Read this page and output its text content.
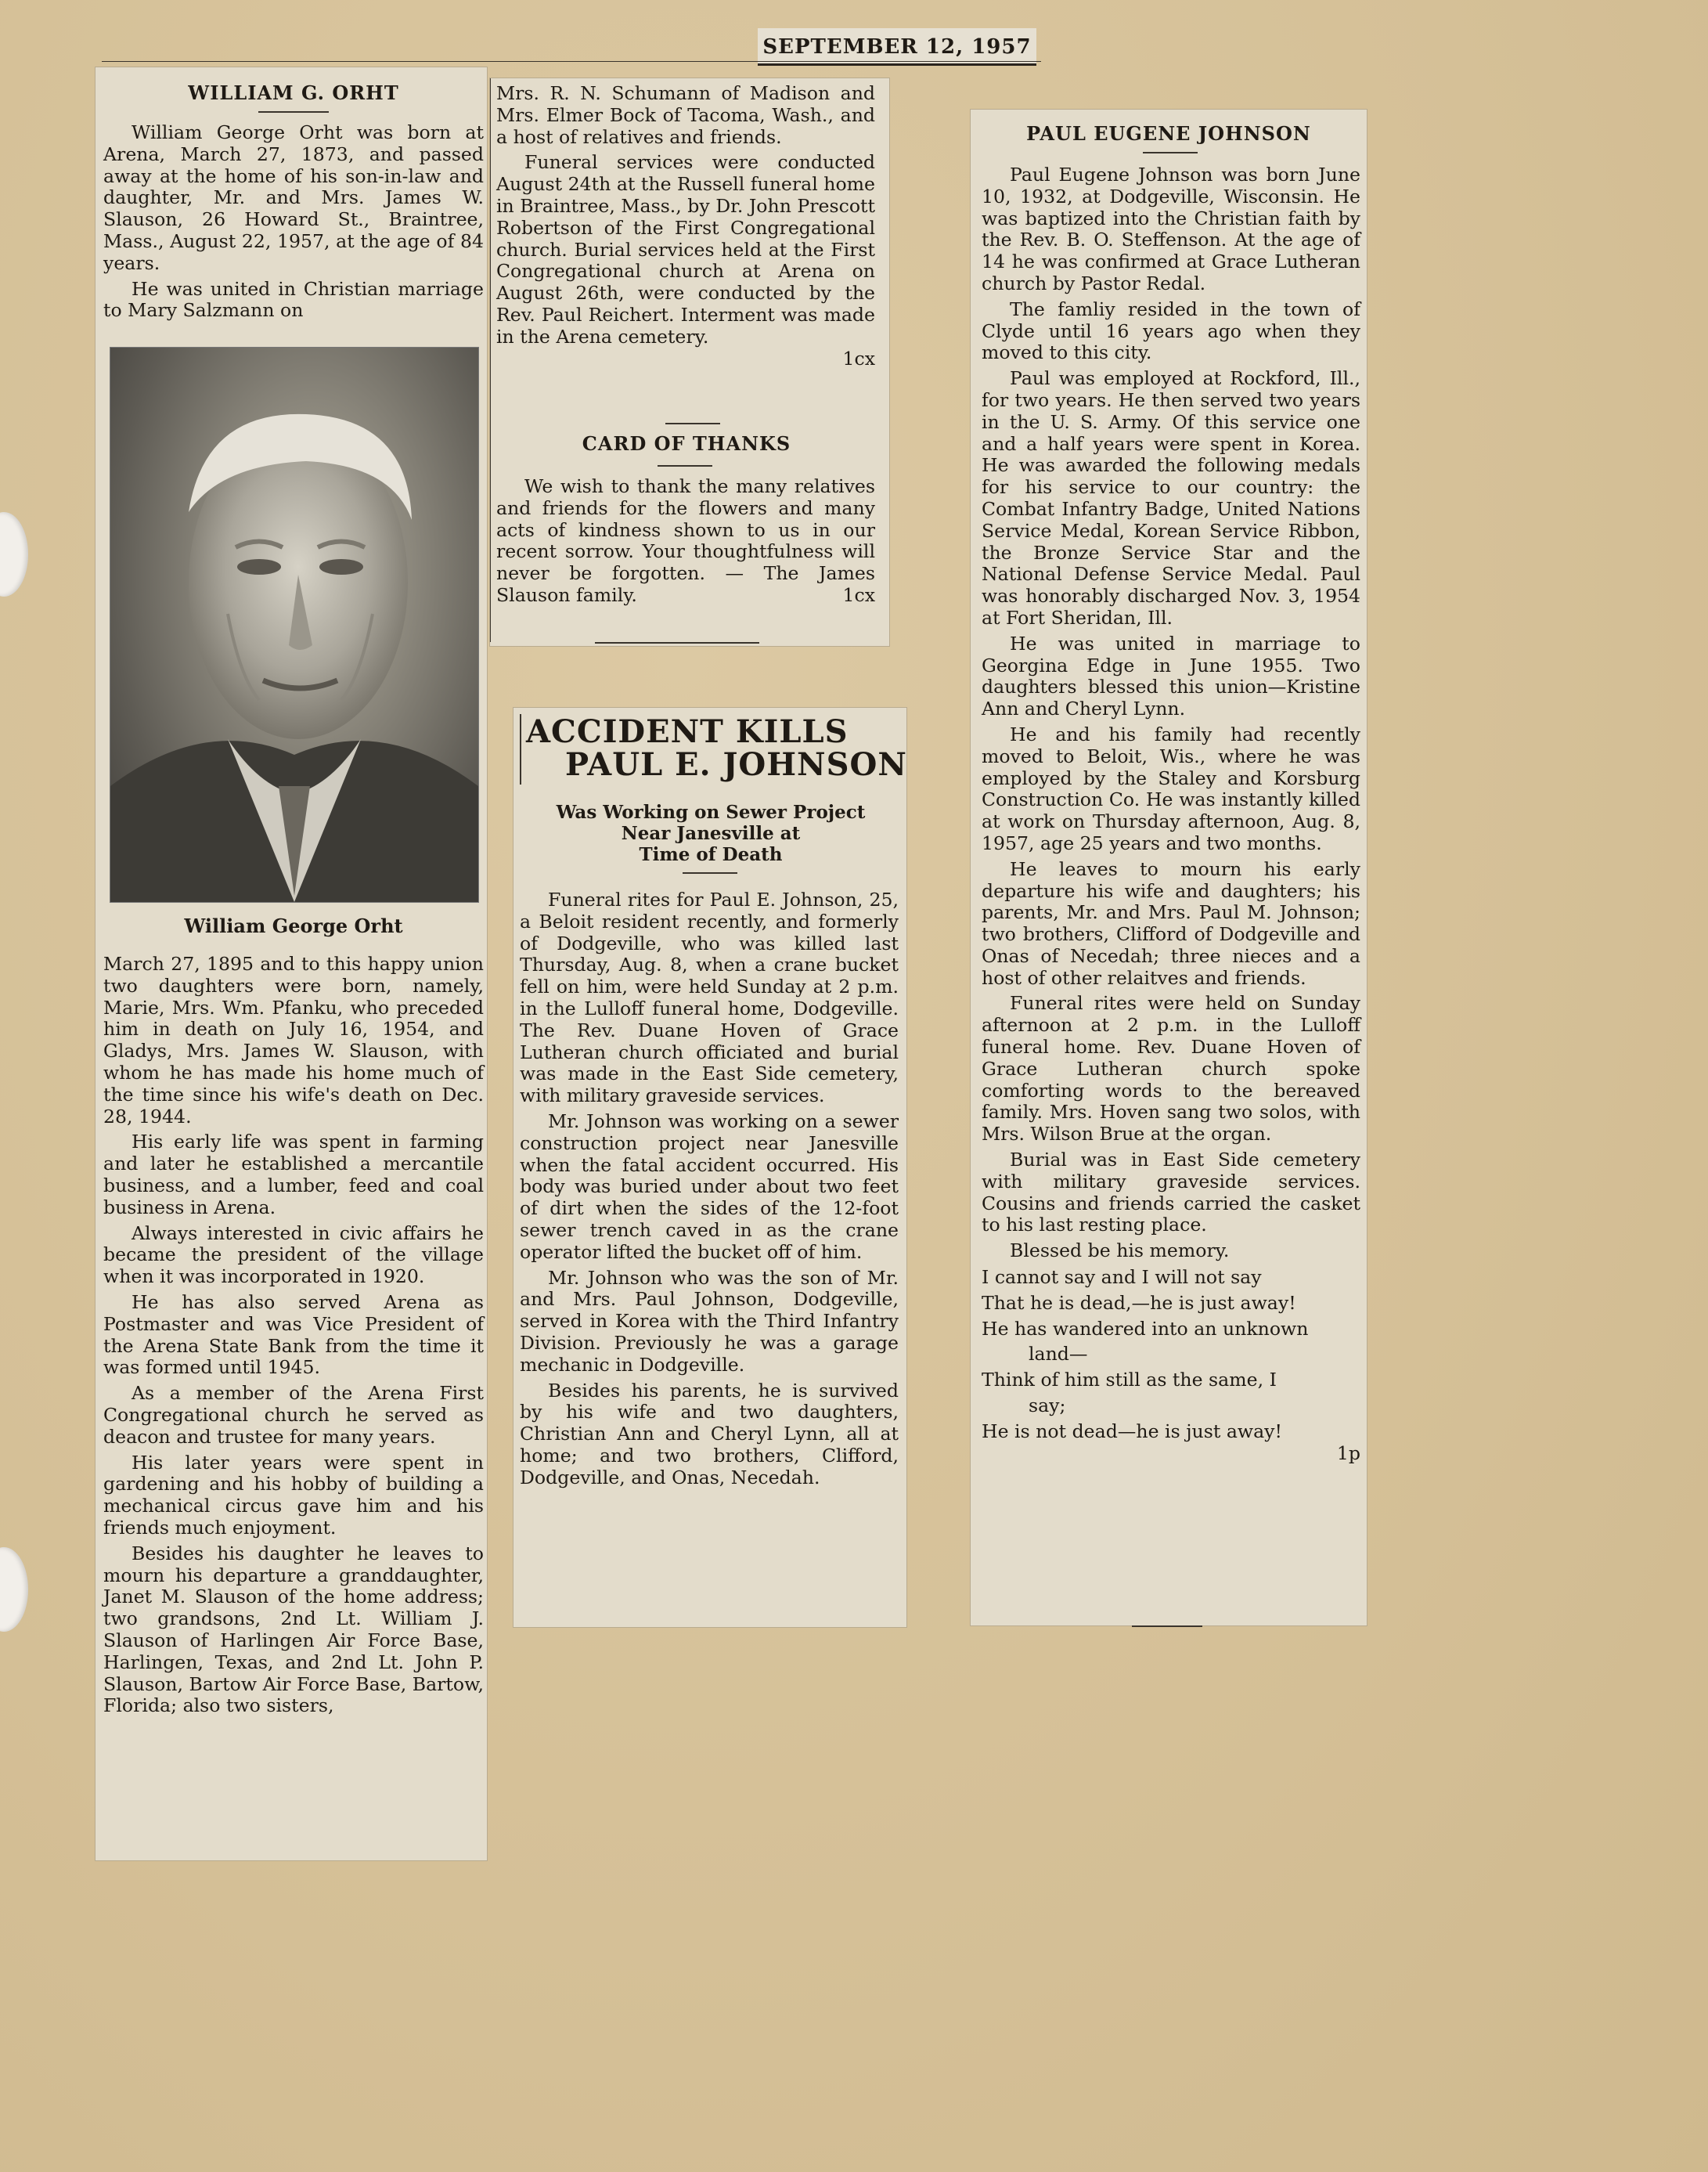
SEPTEMBER 12, 1957
WILLIAM G. ORHT

William George Orht was born at Arena, March 27, 1873, and passed away at the home of his son-in-law and daughter, Mr. and Mrs. James W. Slauson, 26 Howard St., Braintree, Mass., August 22, 1957, at the age of 84 years.

He was united in Christian marriage to Mary Salzmann on

William George Orht

March 27, 1895 and to this happy union two daughters were born, namely, Marie, Mrs. Wm. Pfanku, who preceded him in death on July 16, 1954, and Gladys, Mrs. James W. Slauson, with whom he has made his home much of the time since his wife's death on Dec. 28, 1944.

His early life was spent in farming and later he established a mercantile business, and a lumber, feed and coal business in Arena.

Always interested in civic affairs he became the president of the village when it was incorporated in 1920.

He has also served Arena as Postmaster and was Vice President of the Arena State Bank from the time it was formed until 1945.

As a member of the Arena First Congregational church he served as deacon and trustee for many years.

His later years were spent in gardening and his hobby of building a mechanical circus gave him and his friends much enjoyment.

Besides his daughter he leaves to mourn his departure a granddaughter, Janet M. Slauson of the home address; two grandsons, 2nd Lt. William J. Slauson of Harlingen Air Force Base, Harlingen, Texas, and 2nd Lt. John P. Slauson, Bartow Air Force Base, Bartow, Florida; also two sisters,

Mrs. R. N. Schumann of Madison and Mrs. Elmer Bock of Tacoma, Wash., and a host of relatives and friends.

Funeral services were conducted August 24th at the Russell funeral home in Braintree, Mass., by Dr. John Prescott Robertson of the First Congregational church. Burial services held at the First Congregational church at Arena on August 26th, were conducted by the Rev. Paul Reichert. Interment was made in the Arena cemetery.

1cx
CARD OF THANKS

We wish to thank the many relatives and friends for the flowers and many acts of kindness shown to us in our recent sorrow. Your thoughtfulness will never be forgotten. — The James Slauson family.	1cx
ACCIDENT KILLS
PAUL E. JOHNSON
Was Working on Sewer Project
Near Janesville at
Time of Death

Funeral rites for Paul E. Johnson, 25, a Beloit resident recently, and formerly of Dodgeville, who was killed last Thursday, Aug. 8, when a crane bucket fell on him, were held Sunday at 2 p.m. in the Lulloff funeral home, Dodgeville. The Rev. Duane Hoven of Grace Lutheran church officiated and burial was made in the East Side cemetery, with military graveside services.

Mr. Johnson was working on a sewer construction project near Janesville when the fatal accident occurred. His body was buried under about two feet of dirt when the sides of the 12-foot sewer trench caved in as the crane operator lifted the bucket off of him.

Mr. Johnson who was the son of Mr. and Mrs. Paul Johnson, Dodgeville, served in Korea with the Third Infantry Division. Previously he was a garage mechanic in Dodgeville.

Besides his parents, he is survived by his wife and two daughters, Christian Ann and Cheryl Lynn, all at home; and two brothers, Clifford, Dodgeville, and Onas, Necedah.

PAUL EUGENE JOHNSON

Paul Eugene Johnson was born June 10, 1932, at Dodgeville, Wisconsin. He was baptized into the Christian faith by the Rev. B. O. Steffenson. At the age of 14 he was confirmed at Grace Lutheran church by Pastor Redal.

The famliy resided in the town of Clyde until 16 years ago when they moved to this city.

Paul was employed at Rockford, Ill., for two years. He then served two years in the U. S. Army. Of this service one and a half years were spent in Korea. He was awarded the following medals for his service to our country: the Combat Infantry Badge, United Nations Service Medal, Korean Service Ribbon, the Bronze Service Star and the National Defense Service Medal. Paul was honorably discharged Nov. 3, 1954 at Fort Sheridan, Ill.

He was united in marriage to Georgina Edge in June 1955. Two daughters blessed this union—Kristine Ann and Cheryl Lynn.

He and his family had recently moved to Beloit, Wis., where he was employed by the Staley and Korsburg Construction Co. He was instantly killed at work on Thursday afternoon, Aug. 8, 1957, age 25 years and two months.

He leaves to mourn his early departure his wife and daughters; his parents, Mr. and Mrs. Paul M. Johnson; two brothers, Clifford of Dodgeville and Onas of Necedah; three nieces and a host of other relaitves and friends.

Funeral rites were held on Sunday afternoon at 2 p.m. in the Lulloff funeral home. Rev. Duane Hoven of Grace Lutheran church spoke comforting words to the bereaved family. Mrs. Hoven sang two solos, with Mrs. Wilson Brue at the organ.

Burial was in East Side cemetery with military graveside services. Cousins and friends carried the casket to his last resting place.

Blessed be his memory.

I cannot say and I will not say

That he is dead,—he is just away!

He has wandered into an unknown

land—

Think of him still as the same, I

say;

He is not dead—he is just away!

1p
